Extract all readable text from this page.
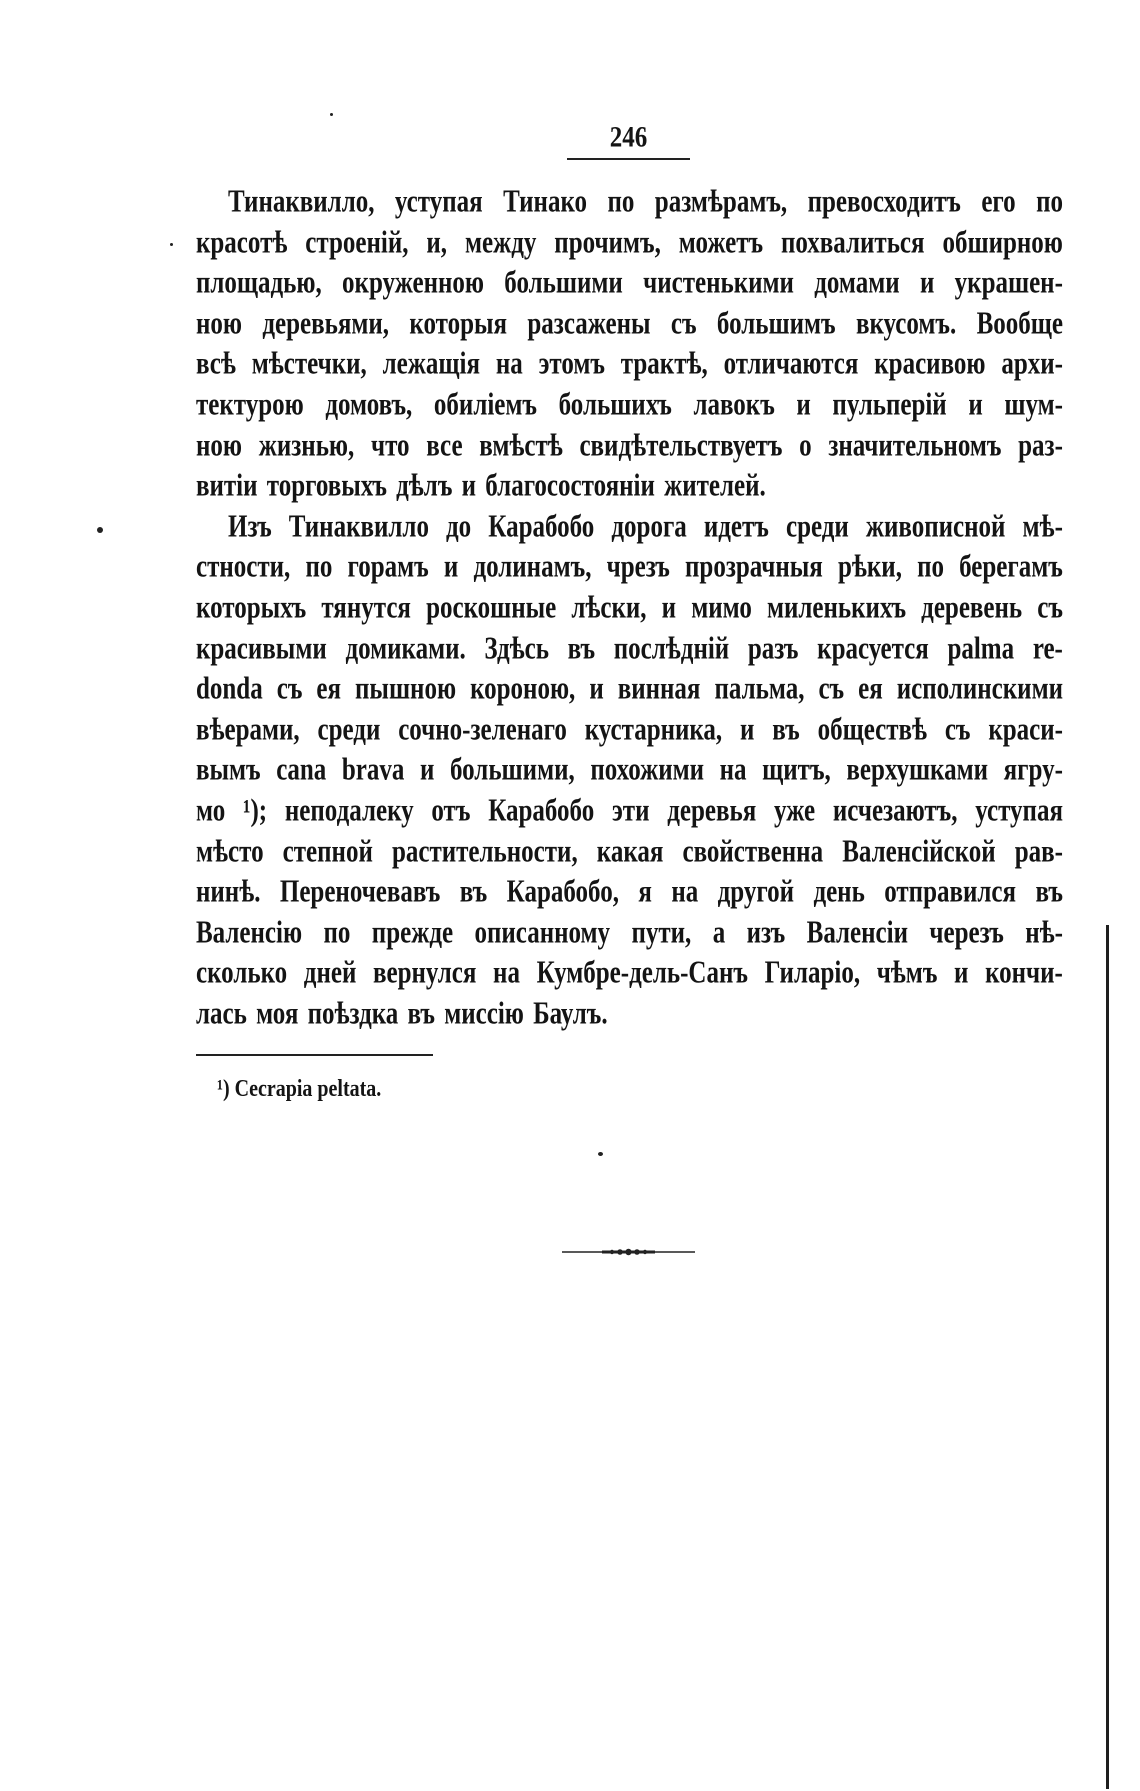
246
Тинаквилло, уступая Тинако по размѣрамъ, превосходитъ его по
красотѣ строеній, и, между прочимъ, можетъ похвалиться обширною
площадью, окруженною большими чистенькими домами и украшен-
ною деревьями, которыя разсажены съ большимъ вкусомъ. Вообще
всѣ мѣстечки, лежащія на этомъ трактѣ, отличаются красивою архи-
тектурою домовъ, обиліемъ большихъ лавокъ и пульперій и шум-
ною жизнью, что все вмѣстѣ свидѣтельствуетъ о значительномъ раз-
витіи торговыхъ дѣлъ и благосостояніи жителей.
Изъ Тинаквилло до Карабобо дорога идетъ среди живописной мѣ-
стности, по горамъ и долинамъ, чрезъ прозрачныя рѣки, по берегамъ
которыхъ тянутся роскошные лѣски, и мимо миленькихъ деревень съ
красивыми домиками. Здѣсь въ послѣдній разъ красуется palma re-
donda съ ея пышною короною, и винная пальма, съ ея исполинскими
вѣерами, среди сочно-зеленаго кустарника, и въ обществѣ съ краси-
вымъ cana brava и большими, похожими на щитъ, верхушками ягру-
мо ¹); неподалеку отъ Карабобо эти деревья уже исчезаютъ, уступая
мѣсто степной растительности, какая свойственна Валенсійской рав-
нинѣ. Переночевавъ въ Карабобо, я на другой день отправился въ
Валенсію по прежде описанному пути, а изъ Валенсіи черезъ нѣ-
сколько дней вернулся на Кумбре-дель-Санъ Гиларіо, чѣмъ и кончи-
лась моя поѣздка въ миссію Баулъ.
¹) Cecrapia peltata.
